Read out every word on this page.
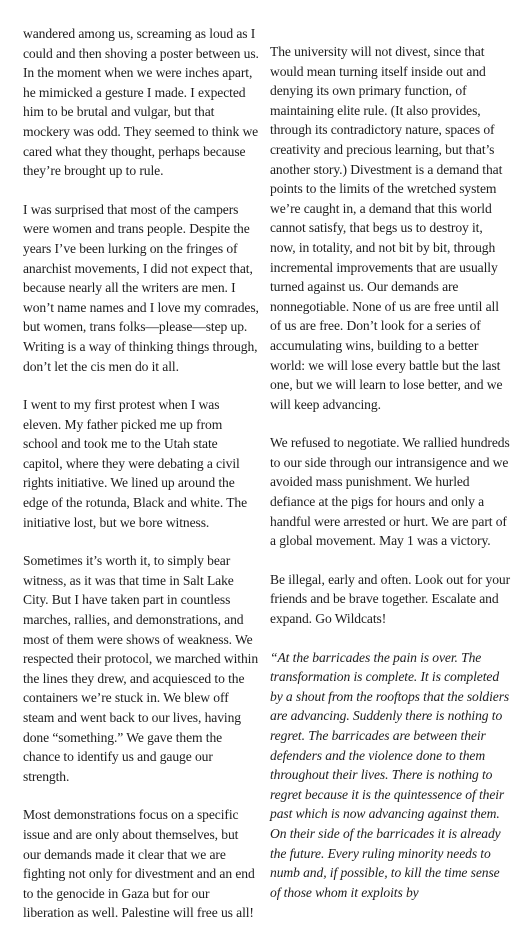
wandered among us, screaming as loud as I could and then shoving a poster between us. In the moment when we were inches apart, he mimicked a gesture I made. I expected him to be brutal and vulgar, but that mockery was odd. They seemed to think we cared what they thought, perhaps because they’re brought up to rule.

I was surprised that most of the campers were women and trans people. Despite the years I’ve been lurking on the fringes of anarchist movements, I did not expect that, because nearly all the writers are men. I won’t name names and I love my comrades, but women, trans folks—please—step up. Writing is a way of thinking things through, don’t let the cis men do it all.

I went to my first protest when I was eleven. My father picked me up from school and took me to the Utah state capitol, where they were debating a civil rights initiative. We lined up around the edge of the rotunda, Black and white. The initiative lost, but we bore witness.

Sometimes it’s worth it, to simply bear witness, as it was that time in Salt Lake City. But I have taken part in countless marches, rallies, and demonstrations, and most of them were shows of weakness. We respected their protocol, we marched within the lines they drew, and acquiesced to the containers we’re stuck in. We blew off steam and went back to our lives, having done “something.” We gave them the chance to identify us and gauge our strength.

Most demonstrations focus on a specific issue and are only about themselves, but our demands made it clear that we are fighting not only for divestment and an end to the genocide in Gaza but for our liberation as well. Palestine will free us all!

The university will not divest, since that would mean turning itself inside out and denying its own primary function, of maintaining elite rule. (It also provides, through its contradictory nature, spaces of creativity and precious learning, but that’s another story.) Divestment is a demand that points to the limits of the wretched system we’re caught in, a demand that this world cannot satisfy, that begs us to destroy it, now, in totality, and not bit by bit, through incremental improvements that are usually turned against us. Our demands are nonnegotiable. None of us are free until all of us are free. Don’t look for a series of accumulating wins, building to a better world: we will lose every battle but the last one, but we will learn to lose better, and we will keep advancing.

We refused to negotiate. We rallied hundreds to our side through our intransigence and we avoided mass punishment. We hurled defiance at the pigs for hours and only a handful were arrested or hurt. We are part of a global movement. May 1 was a victory.

Be illegal, early and often. Look out for your friends and be brave together. Escalate and expand. Go Wildcats!

“At the barricades the pain is over. The transformation is complete. It is completed by a shout from the rooftops that the soldiers are advancing. Suddenly there is nothing to regret. The barricades are between their defenders and the violence done to them throughout their lives. There is nothing to regret because it is the quintessence of their past which is now advancing against them. On their side of the barricades it is already the future. Every ruling minority needs to numb and, if possible, to kill the time sense of those whom it exploits by
